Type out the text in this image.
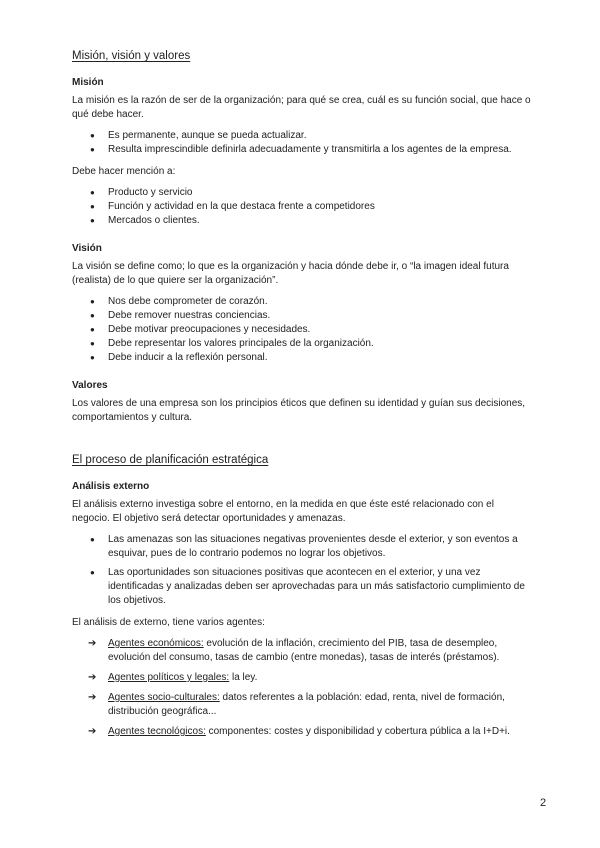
Misión, visión y valores
Misión

La misión es la razón de ser de la organización; para qué se crea, cuál es su función social, que hace o qué debe hacer.

● Es permanente, aunque se pueda actualizar.
● Resulta imprescindible definirla adecuadamente y transmitirla a los agentes de la empresa.

Debe hacer mención a:

● Producto y servicio
● Función y actividad en la que destaca frente a competidores
● Mercados o clientes.
Visión

La visión se define como; lo que es la organización y hacia dónde debe ir, o “la imagen ideal futura (realista) de lo que quiere ser la organización”.

● Nos debe comprometer de corazón.
● Debe remover nuestras conciencias.
● Debe motivar preocupaciones y necesidades.
● Debe representar los valores principales de la organización.
● Debe inducir a la reflexión personal.
Valores

Los valores de una empresa son los principios éticos que definen su identidad y guían sus decisiones, comportamientos y cultura.

El proceso de planificación estratégica
Análisis externo

El análisis externo investiga sobre el entorno, en la medida en que éste esté relacionado con el negocio. El objetivo será detectar oportunidades y amenazas.

● Las amenazas son las situaciones negativas provenientes desde el exterior, y son eventos a esquivar, pues de lo contrario podemos no lograr los objetivos.
● Las oportunidades son situaciones positivas que acontecen en el exterior, y una vez identificadas y analizadas deben ser aprovechadas para un más satisfactorio cumplimiento de los objetivos.

El análisis de externo, tiene varios agentes:

➔ Agentes económicos: evolución de la inflación, crecimiento del PIB, tasa de desempleo, evolución del consumo, tasas de cambio (entre monedas), tasas de interés (préstamos).
➔ Agentes políticos y legales: la ley.
➔ Agentes socio-culturales: datos referentes a la población: edad, renta, nivel de formación, distribución geográfica...
➔ Agentes tecnológicos: componentes: costes y disponibilidad y cobertura pública a la I+D+i.
2
